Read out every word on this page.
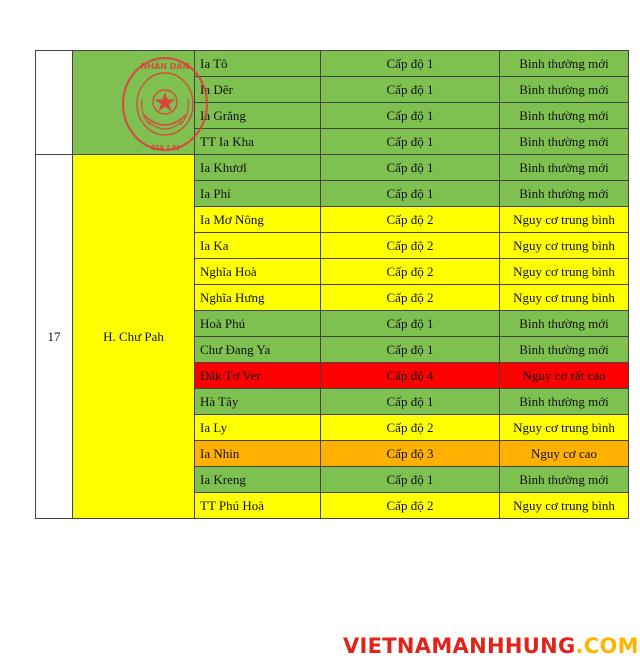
		Ia Tô	Cấp độ 1	Bình thường mới
		Ia Dêr	Cấp độ 1	Bình thường mới
		Ia Grăng	Cấp độ 1	Bình thường mới
		TT Ia Kha	Cấp độ 1	Bình thường mới
17	H. Chư Pah	Ia Khươl	Cấp độ 1	Bình thường mới
		Ia Phí	Cấp độ 1	Bình thường mới
		Ia Mơ Nông	Cấp độ 2	Nguy cơ trung bình
		Ia Ka	Cấp độ 2	Nguy cơ trung bình
		Nghĩa Hoà	Cấp độ 2	Nguy cơ trung bình
		Nghĩa Hưng	Cấp độ 2	Nguy cơ trung bình
		Hoà Phú	Cấp độ 1	Bình thường mới
		Chư Đang Ya	Cấp độ 1	Bình thường mới
		Đăk Tơ Ver	Cấp độ 4	Nguy cơ rất cao
		Hà Tây	Cấp độ 1	Bình thường mới
		Ia Ly	Cấp độ 2	Nguy cơ trung bình
		Ia Nhin	Cấp độ 3	Nguy cơ cao
		Ia Kreng	Cấp độ 1	Bình thường mới
		TT Phú Hoà	Cấp độ 2	Nguy cơ trung bình
NHÂN DÂN
GIA LAI
VIETNAMANHHUNG.COM
